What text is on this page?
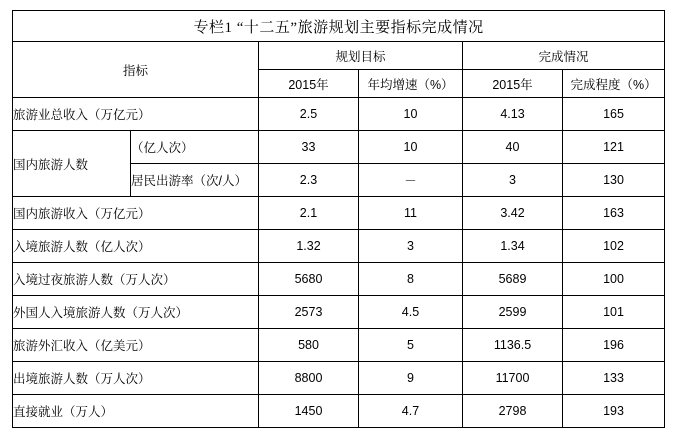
专栏1 “十二五”旅游规划主要指标完成情况					
指标		规划目标		完成情况	
		2015年	年均增速（%）	2015年	完成程度（%）
旅游业总收入（万亿元）		2.5	10	4.13	165
国内旅游人数	（亿人次）	33	10	40	121
	居民出游率（次/人）	2.3	－	3	130
国内旅游收入（万亿元）		2.1	11	3.42	163
入境旅游人数（亿人次）		1.32	3	1.34	102
入境过夜旅游人数（万人次）		5680	8	5689	100
外国人入境旅游人数（万人次）		2573	4.5	2599	101
旅游外汇收入（亿美元）		580	5	1136.5	196
出境旅游人数（万人次）		8800	9	11700	133
直接就业（万人）		1450	4.7	2798	193
